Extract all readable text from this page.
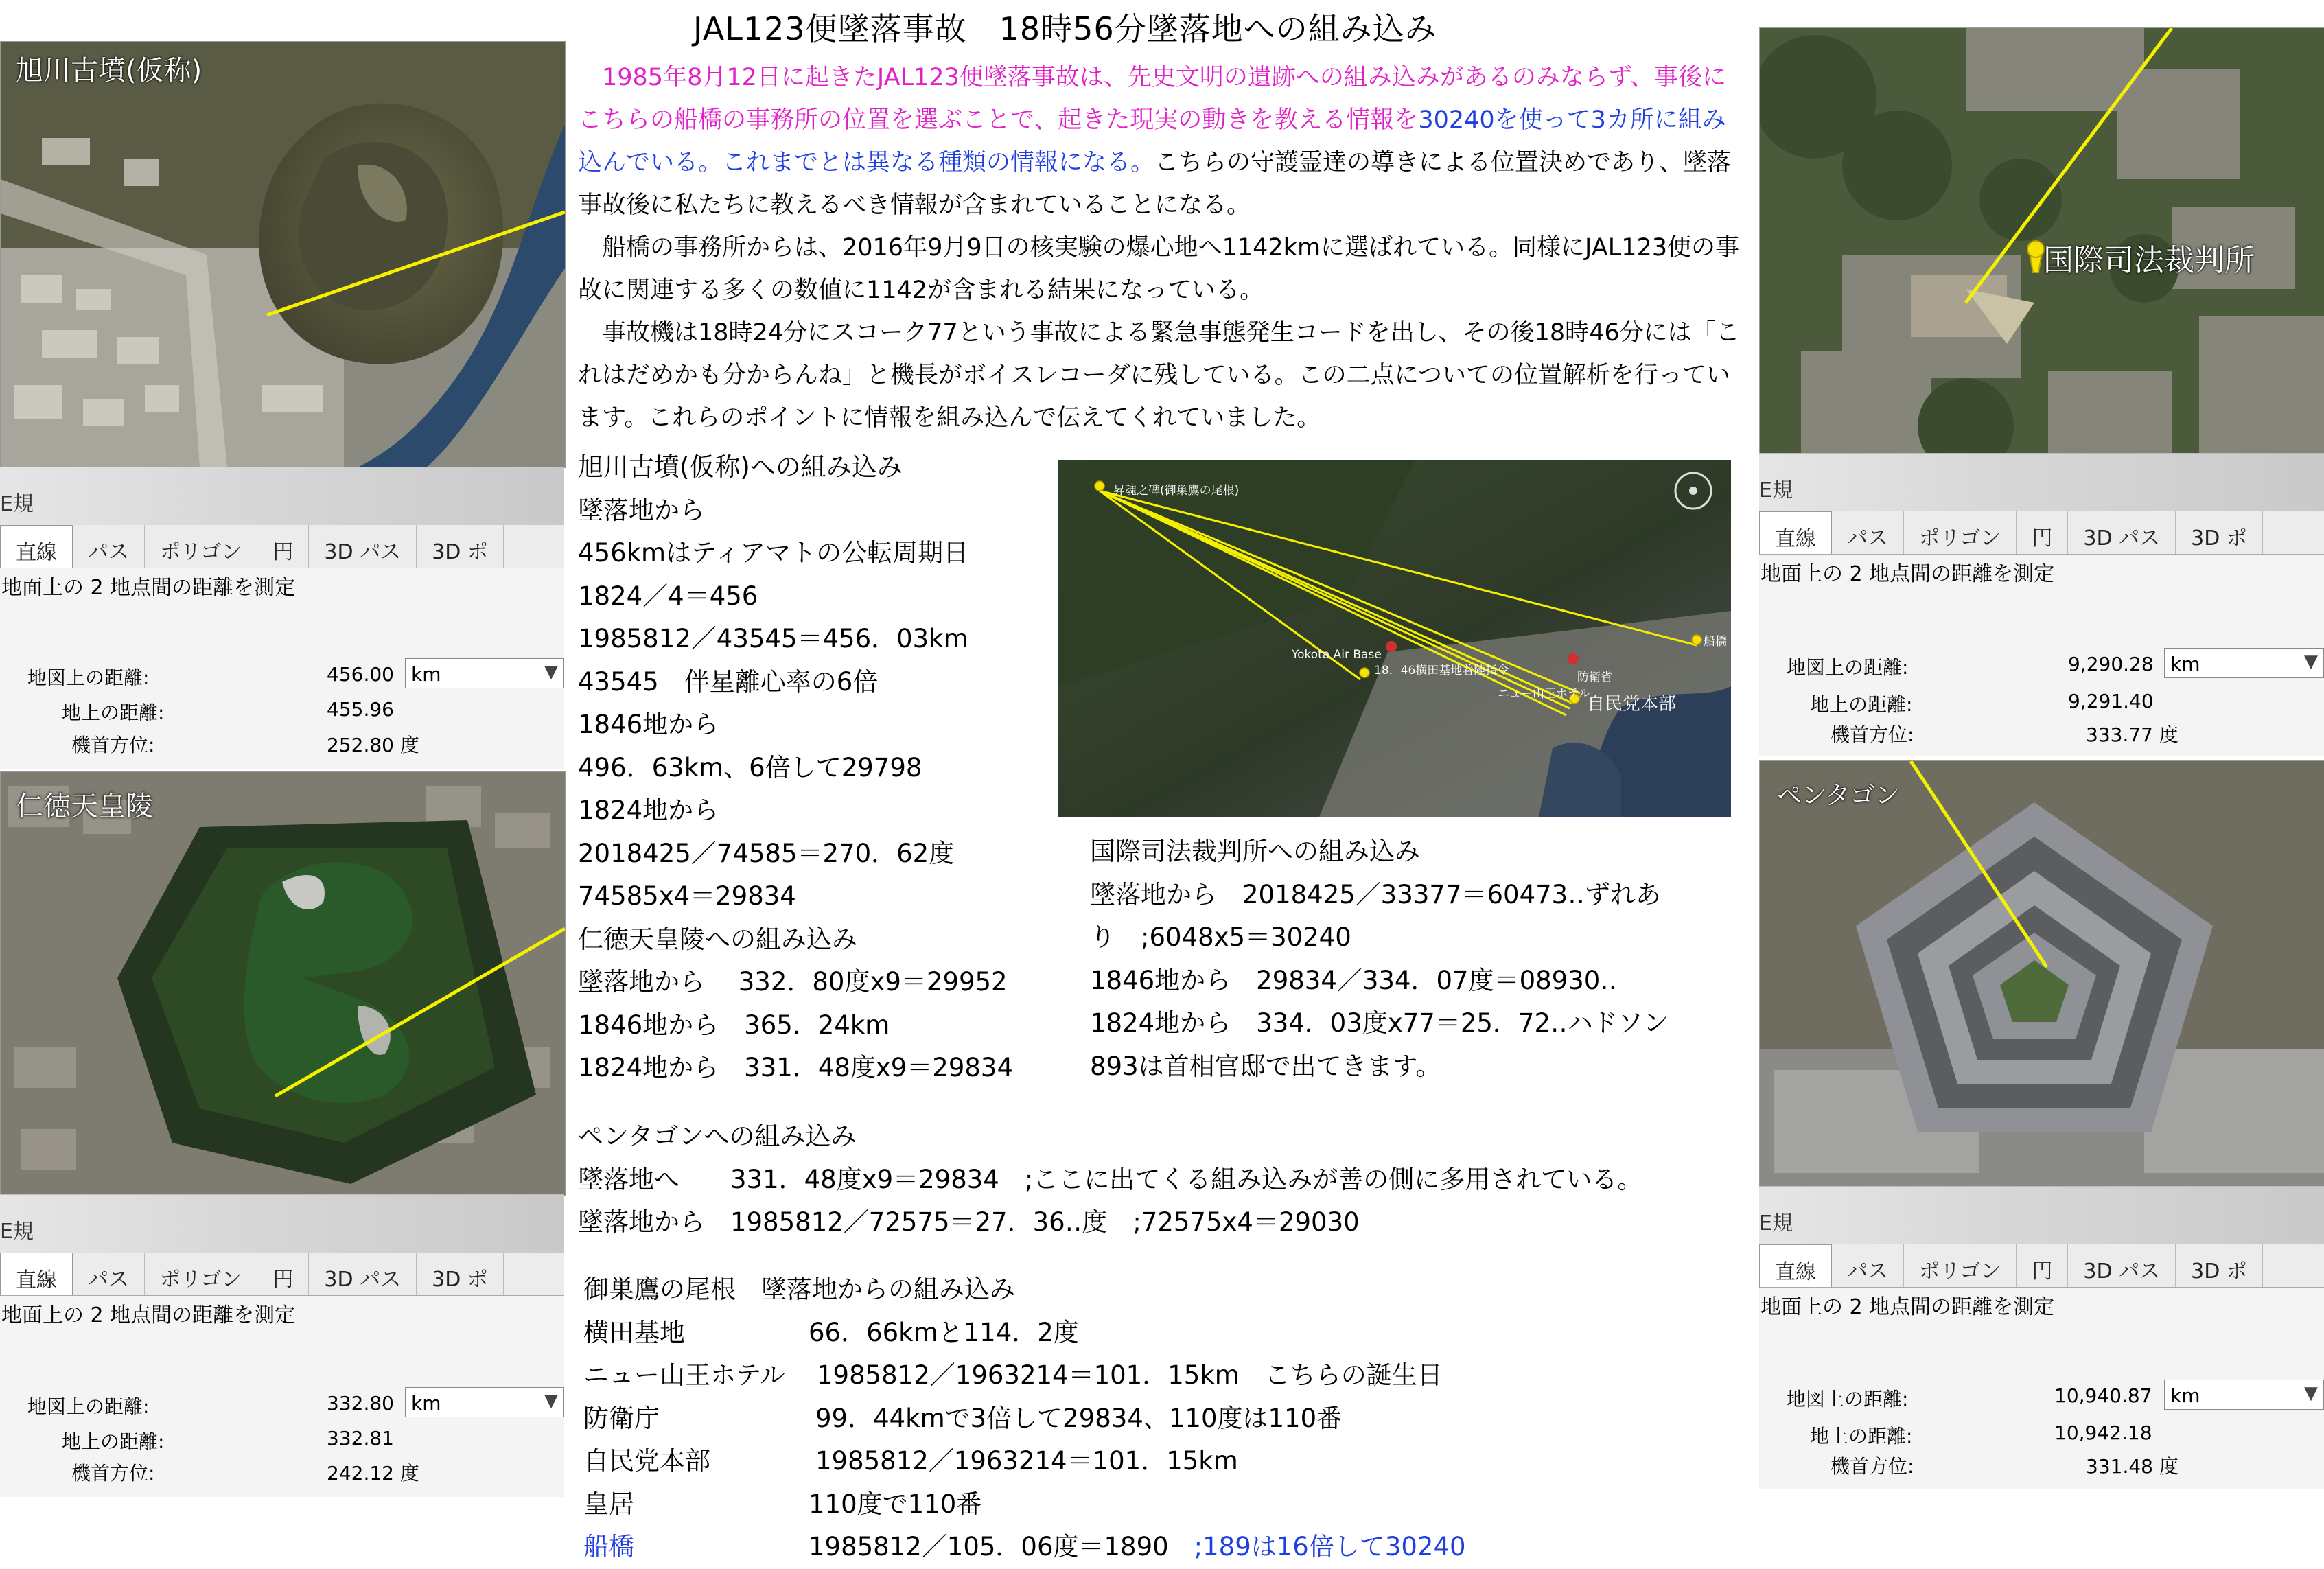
JAL123便墜落事故　18時56分墜落地への組み込み
旭川古墳(仮称)
E規
直線	パス	ポリゴン	円	3D パス	3D ポ
地面上の 2 地点間の距離を測定
地図上の距離:	456.00 km	▼
地上の距離:	455.96
機首方位:	252.80 度
仁徳天皇陵
E規
直線	パス	ポリゴン	円	3D パス	3D ポ
地面上の 2 地点間の距離を測定
地図上の距離:	332.80 km	▼
地上の距離:	332.81
機首方位:	242.12 度
国際司法裁判所
E規
直線	パス	ポリゴン	円	3D パス	3D ポ
地面上の 2 地点間の距離を測定
地図上の距離:	9,290.28 km	▼
地上の距離:	9,291.40
機首方位:	333.77 度
ペンタゴン
E規
直線	パス	ポリゴン	円	3D パス	3D ポ
地面上の 2 地点間の距離を測定
地図上の距離:	10,940.87 km	▼
地上の距離:	10,942.18
機首方位:	331.48 度
1985年8月12日に起きたJAL123便墜落事故は、先史文明の遺跡への組み込みがあるのみならず、事後にこちらの船橋の事務所の位置を選ぶことで、起きた現実の動きを教える情報を30240を使って3カ所に組み込んでいる。これまでとは異なる種類の情報になる。こちらの守護霊達の導きによる位置決めであり、墜落事故後に私たちに教えるべき情報が含まれていることになる。
船橋の事務所からは、2016年9月9日の核実験の爆心地へ1142kmに選ばれている。同様にJAL123便の事故に関連する多くの数値に1142が含まれる結果になっている。
事故機は18時24分にスコーク77という事故による緊急事態発生コードを出し、その後18時46分には「これはだめかも分からんね」と機長がボイスレコーダに残している。この二点についての位置解析を行っています。これらのポイントに情報を組み込んで伝えてくれていました。
旭川古墳(仮称)への組み込み
墜落地から
456kmはティアマトの公転周期日
1824／4＝456
1985812／43545＝456．03km
43545　伴星離心率の6倍
1846地から
496．63km、6倍して29798
1824地から
2018425／74585＝270．62度
74585x4＝29834
仁徳天皇陵への組み込み
墜落地から　 332．80度x9＝29952
1846地から　365．24km
1824地から　331．48度x9＝29834
昇魂之碑(御巣鷹の尾根)
Yokota Air Base
18．46横田基地着陸指令	防衛省
ニュー山王ホテル
自民党本部
船橋
国際司法裁判所への組み込み
墜落地から　2018425／33377＝60473‥ずれあり　;6048x5＝30240
1846地から　29834／334．07度＝08930‥
1824地から　334．03度x77＝25．72‥ハドソン
893は首相官邸で出てきます。
ペンタゴンへの組み込み
墜落地へ　　331．48度x9＝29834　;ここに出てくる組み込みが善の側に多用されている。
墜落地から　1985812／72575＝27．36‥度　;72575x4＝29030
御巣鷹の尾根　墜落地からの組み込み
横田基地	66．66kmと114．2度
ニュー山王ホテル 1985812／1963214＝101．15km　こちらの誕生日
防衛庁	99．44kmで3倍して29834、110度は110番
自民党本部	1985812／1963214＝101．15km
皇居	110度で110番
船橋	1985812／105．06度＝1890　;189は16倍して30240
